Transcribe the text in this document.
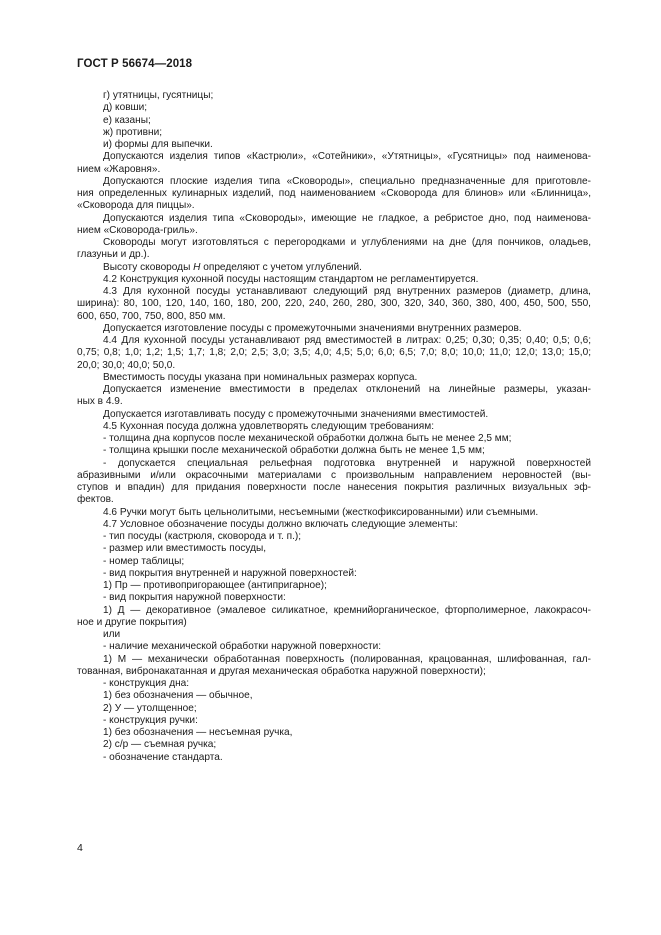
ГОСТ Р 56674—2018

г) утятницы, гусятницы;

д) ковши;

е) казаны;

ж) противни;

и) формы для выпечки.

Допускаются изделия типов «Кастрюли», «Сотейники», «Утятницы», «Гусятницы» под наименова-

нием «Жаровня».

Допускаются плоские изделия типа «Сковороды», специально предназначенные для приготовле-

ния определенных кулинарных изделий, под наименованием «Сковорода для блинов» или «Блинница»,

«Сковорода для пиццы».

Допускаются изделия типа «Сковороды», имеющие не гладкое, а ребристое дно, под наименова-

нием «Сковорода-гриль».

Сковороды могут изготовляться с перегородками и углублениями на дне (для пончиков, оладьев,

глазуньи и др.).

Высоту сковороды Н определяют с учетом углублений.

4.2 Конструкция кухонной посуды настоящим стандартом не регламентируется.

4.3 Для кухонной посуды устанавливают следующий ряд внутренних размеров (диаметр, длина,

ширина): 80, 100, 120, 140, 160, 180, 200, 220, 240, 260, 280, 300, 320, 340, 360, 380, 400, 450, 500, 550,

600, 650, 700, 750, 800, 850 мм.

Допускается изготовление посуды с промежуточными значениями внутренних размеров.

4.4 Для кухонной посуды устанавливают ряд вместимостей в литрах: 0,25; 0,30; 0,35; 0,40; 0,5; 0,6;

0,75; 0,8; 1,0; 1,2; 1,5; 1,7; 1,8; 2,0; 2,5; 3,0; 3,5; 4,0; 4,5; 5,0; 6,0; 6,5; 7,0; 8,0; 10,0; 11,0; 12,0; 13,0; 15,0;

20,0; 30,0; 40,0; 50,0.

Вместимость посуды указана при номинальных размерах корпуса.

Допускается изменение вместимости в пределах отклонений на линейные размеры, указан-

ных в 4.9.

Допускается изготавливать посуду с промежуточными значениями вместимостей.

4.5 Кухонная посуда должна удовлетворять следующим требованиям:

- толщина дна корпусов после механической обработки должна быть не менее 2,5 мм;

- толщина крышки после механической обработки должна быть не менее 1,5 мм;

- допускается специальная рельефная подготовка внутренней и наружной поверхностей

абразивными и/или окрасочными материалами с произвольным направлением неровностей (вы-

ступов и впадин) для придания поверхности после нанесения покрытия различных визуальных эф-

фектов.

4.6 Ручки могут быть цельнолитыми, несъемными (жесткофиксированными) или съемными.

4.7 Условное обозначение посуды должно включать следующие элементы:

- тип посуды (кастрюля, сковорода и т. п.);

- размер или вместимость посуды,

- номер таблицы;

- вид покрытия внутренней и наружной поверхностей:

1) Пр — противопригорающее (антипригарное);

- вид покрытия наружной поверхности:

1) Д — декоративное (эмалевое силикатное, кремнийорганическое, фторполимерное, лакокрасоч-

ное и другие покрытия)

или

- наличие механической обработки наружной поверхности:

1) М — механически обработанная поверхность (полированная, крацованная, шлифованная, гал-

тованная, вибронакатанная и другая механическая обработка наружной поверхности);

- конструкция дна:

1) без обозначения — обычное,

2) У — утолщенное;

- конструкция ручки:

1) без обозначения — несъемная ручка,

2) с/р — съемная ручка;

- обозначение стандарта.

4
